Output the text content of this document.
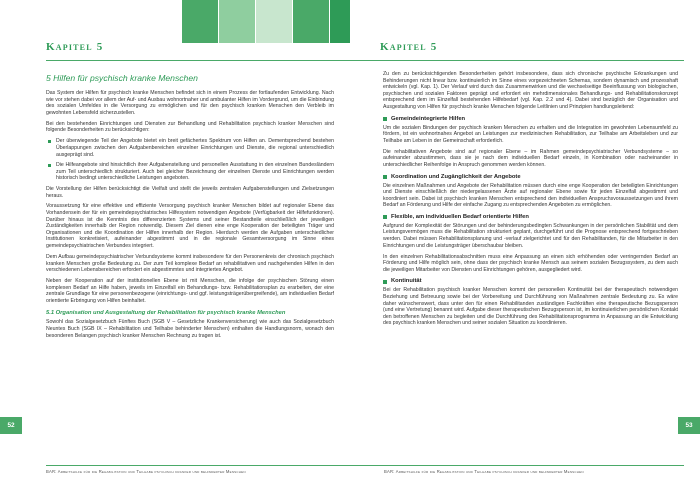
Kapitel 5
5 Hilfen für psychisch kranke Menschen

Das System der Hilfen für psychisch kranke Menschen befindet sich in einem Prozess der fortlaufenden Entwicklung. Nach wie vor stehen dabei vor allem der Auf- und Ausbau wohnortnaher und ambulanter Hilfen im Vordergrund, um die Einbindung des sozialen Umfeldes in die Versorgung zu ermöglichen und für den psychisch kranken Menschen den Verbleib im gewohnten Lebensfeld sicherzustellen.

Bei den bestehenden Einrichtungen und Diensten zur Behandlung und Rehabilitation psychisch kranker Menschen sind folgende Besonderheiten zu berücksichtigen:

Der überwiegende Teil der Angebote bietet ein breit gefächertes Spektrum von Hilfen an. Dementsprechend bestehen Überlappungen zwischen den Aufgabenbereichen einzelner Einrichtungen und Dienste, die regional unterschiedlich ausgeprägt sind.
Die Hilfeangebote sind hinsichtlich ihrer Aufgabenstellung und personellen Ausstattung in den einzelnen Bundesländern zum Teil unterschiedlich strukturiert. Auch bei gleicher Bezeichnung der einzelnen Dienste und Einrichtungen werden historisch bedingt unterschiedliche Leistungen angeboten.

Die Vorstellung der Hilfen berücksichtigt die Vielfalt und stellt die jeweils zentralen Aufgabenstellungen und Zielsetzungen heraus.

Voraussetzung für eine effektive und effiziente Versorgung psychisch kranker Menschen bildet auf regionaler Ebene das Vorhandensein der für ein gemeindepsychiatrisches Hilfesystem notwendigen Angebote (Verfügbarkeit der Hilfefunktionen). Darüber hinaus ist die Kenntnis des differenzierten Systems und seiner Bestandteile einschließlich der jeweiligen Zuständigkeiten innerhalb der Region notwendig. Diesem Ziel dienen eine enge Kooperation der beteiligten Träger und Organisationen und die Koordination der Hilfen innerhalb der Region. Hierdurch werden die Aufgaben unterschiedlicher Institutionen konkretisiert, aufeinander abgestimmt und in die regionale Gesamtversorgung im Sinne eines gemeindepsychiatrischen Verbundes integriert.

Dem Aufbau gemeindepsychiatrischer Verbundsysteme kommt insbesondere für den Personenkreis der chronisch psychisch kranken Menschen große Bedeutung zu. Der zum Teil komplexe Bedarf an rehabilitativen und nachgehenden Hilfen in den verschiedenen Lebensbereichen erfordert ein abgestimmtes und integriertes Angebot.

Neben der Kooperation auf der institutionellen Ebene ist mit Menschen, die infolge der psychischen Störung einen komplexen Bedarf an Hilfe haben, jeweils im Einzelfall ein Behandlungs- bzw. Rehabilitationsplan zu erarbeiten, der eine zentrale Grundlage für eine personenbezogene (einrichtungs- und ggf. leistungsträgerübergreifende), am individuellen Bedarf orientierte Erbringung von Hilfen beinhaltet.

5.1 Organisation und Ausgestaltung der Rehabilitation für psychisch kranke Menschen

Sowohl das Sozialgesetzbuch Fünftes Buch (SGB V – Gesetzliche Krankenversicherung) wie auch das Sozialgesetzbuch Neuntes Buch (SGB IX – Rehabilitation und Teilhabe behinderter Menschen) enthalten die Handlungsnorm, wonach den besonderen Belangen psychisch kranker Menschen Rechnung zu tragen ist.

52
BAR: Arbeitshilfe für die Rehabilitation und Teilhabe psychisch kranker und behinderter Menschen
Kapitel 5

Zu den zu berücksichtigenden Besonderheiten gehört insbesondere, dass sich chronische psychische Erkrankungen und Behinderungen nicht linear bzw. kontinuierlich im Sinne eines vorgezeichneten Schemas, sondern dynamisch und prozesshaft entwickeln (vgl. Kap. 1). Der Verlauf wird durch das Zusammenwirken und die wechselseitige Beeinflussung von biologischen, psychischen und sozialen Faktoren geprägt und erfordert ein mehrdimensionales Behandlungs- und Rehabilitationskonzept entsprechend dem im Einzelfall bestehenden Hilfebedarf (vgl. Kap. 2.2 und 4). Dabei sind bezüglich der Organisation und Ausgestaltung von Hilfen für psychisch kranke Menschen folgende Leitlinien und Prinzipien handlungsleitend:

Gemeindeintegrierte Hilfen

Um die sozialen Bindungen der psychisch kranken Menschen zu erhalten und die Integration im gewohnten Lebensumfeld zu fördern, ist ein wohnortnahes Angebot an Leistungen zur medizinischen Rehabilitation, zur Teilhabe am Arbeitsleben und zur Teilhabe am Leben in der Gemeinschaft erforderlich.

Die rehabilitativen Angebote sind auf regionaler Ebene – im Rahmen gemeindepsychiatrischer Verbundsysteme – so aufeinander abzustimmen, dass sie je nach dem individuellen Bedarf einzeln, in Kombination oder nacheinander in unterschiedlicher Reihenfolge in Anspruch genommen werden können.

Koordination und Zugänglichkeit der Angebote

Die einzelnen Maßnahmen und Angebote der Rehabilitation müssen durch eine enge Kooperation der beteiligten Einrichtungen und Dienste einschließlich der niedergelassenen Ärzte auf regionaler Ebene sowie für jeden Einzelfall abgestimmt und koordiniert sein. Dabei ist psychisch kranken Menschen entsprechend den individuellen Anspruchsvoraussetzungen und ihrem Bedarf an Förderung und Hilfe der einfache Zugang zu entsprechenden Angeboten zu ermöglichen.

Flexible, am individuellen Bedarf orientierte Hilfen

Aufgrund der Komplexität der Störungen und der behinderungsbedingten Schwankungen in der persönlichen Stabilität und dem Leistungsvermögen muss die Rehabilitation strukturiert geplant, durchgeführt und die Prognose entsprechend fortgeschrieben werden. Dabei müssen Rehabilitationsplanung und -verlauf zielgerichtet und für den Rehabilitanden, für die Mitarbeiter in den Einrichtungen und die Leistungsträger überschaubar bleiben.

In den einzelnen Rehabilitationsabschnitten muss eine Anpassung an einen sich erhöhenden oder verringernden Bedarf an Förderung und Hilfe möglich sein, ohne dass der psychisch kranke Mensch aus seinem sozialen Bezugssystem, zu dem auch die jeweiligen Mitarbeiter von Diensten und Einrichtungen gehören, ausgegliedert wird.

Kontinuität

Bei der Rehabilitation psychisch kranker Menschen kommt der personellen Kontinuität bei der therapeutisch notwendigen Beziehung und Betreuung sowie bei der Vorbereitung und Durchführung von Maßnahmen zentrale Bedeutung zu. Es wäre daher wünschenswert, dass unter den für einen Rehabilitanden zuständigen Fachkräften eine therapeutische Bezugsperson (und eine Vertretung) benannt wird. Aufgabe dieser therapeutischen Bezugsperson ist, im kontinuierlichen persönlichen Kontakt den betroffenen Menschen zu begleiten und die Durchführung des Rehabilitationsprogramms in Anpassung an die Entwicklung des psychisch kranken Menschen und seiner sozialen Situation zu koordinieren.

53
BAR: Arbeitshilfe für die Rehabilitation und Teilhabe psychisch kranker und behinderter Menschen
